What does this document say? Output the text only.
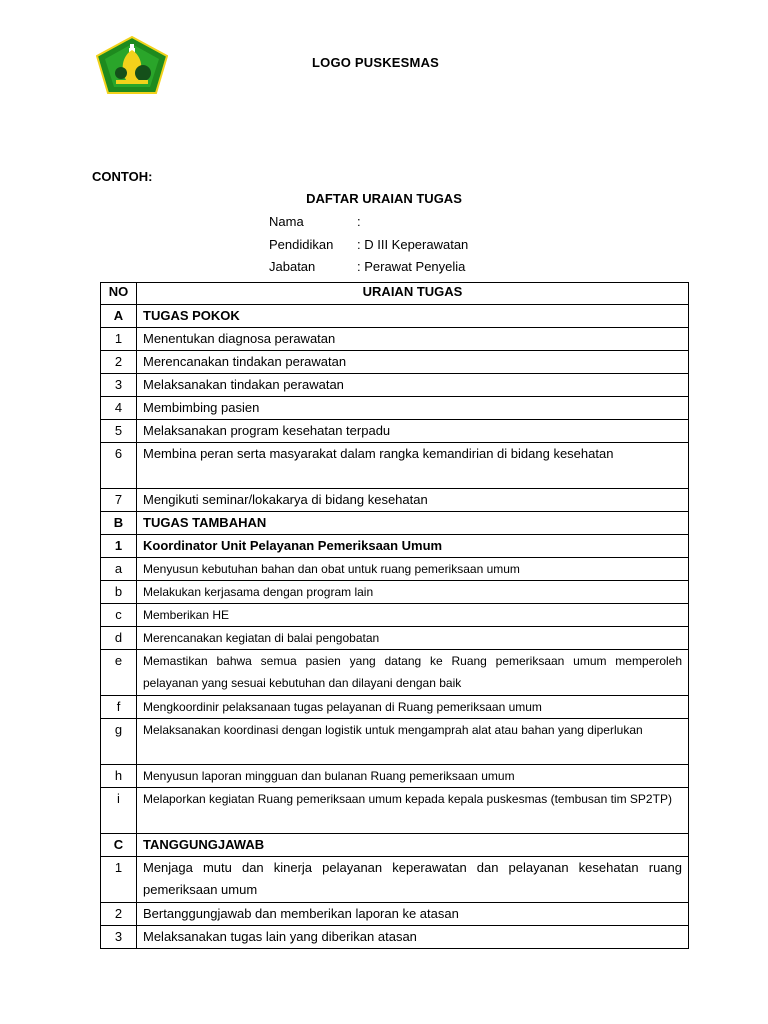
LOGO PUSKESMAS
CONTOH:
DAFTAR URAIAN TUGAS
Nama	:
Pendidikan : D III Keperawatan
Jabatan	: Perawat Penyelia
NO	URAIAN TUGAS
A	TUGAS POKOK
1	Menentukan diagnosa perawatan
2	Merencanakan tindakan perawatan
3	Melaksanakan tindakan perawatan
4	Membimbing pasien
5	Melaksanakan program kesehatan terpadu
6	Membina peran serta masyarakat dalam rangka kemandirian di bidang kesehatan
7	Mengikuti seminar/lokakarya di bidang kesehatan
B	TUGAS TAMBAHAN
1	Koordinator Unit Pelayanan Pemeriksaan Umum
a	Menyusun kebutuhan bahan dan obat untuk ruang pemeriksaan umum
b	Melakukan kerjasama dengan program lain
c	Memberikan HE
d	Merencanakan kegiatan di balai pengobatan
e	Memastikan bahwa semua pasien yang datang ke Ruang pemeriksaan umum memperoleh pelayanan yang sesuai kebutuhan dan dilayani dengan baik
f	Mengkoordinir pelaksanaan tugas pelayanan di Ruang pemeriksaan umum
g	Melaksanakan koordinasi dengan logistik untuk mengamprah alat atau bahan yang diperlukan
h	Menyusun laporan mingguan dan bulanan Ruang pemeriksaan umum
i	Melaporkan kegiatan Ruang pemeriksaan umum kepada kepala puskesmas (tembusan tim SP2TP)
C	TANGGUNGJAWAB
1	Menjaga mutu dan kinerja pelayanan keperawatan dan pelayanan kesehatan ruang pemeriksaan umum
2	Bertanggungjawab dan memberikan laporan ke atasan
3	Melaksanakan tugas lain yang diberikan atasan
